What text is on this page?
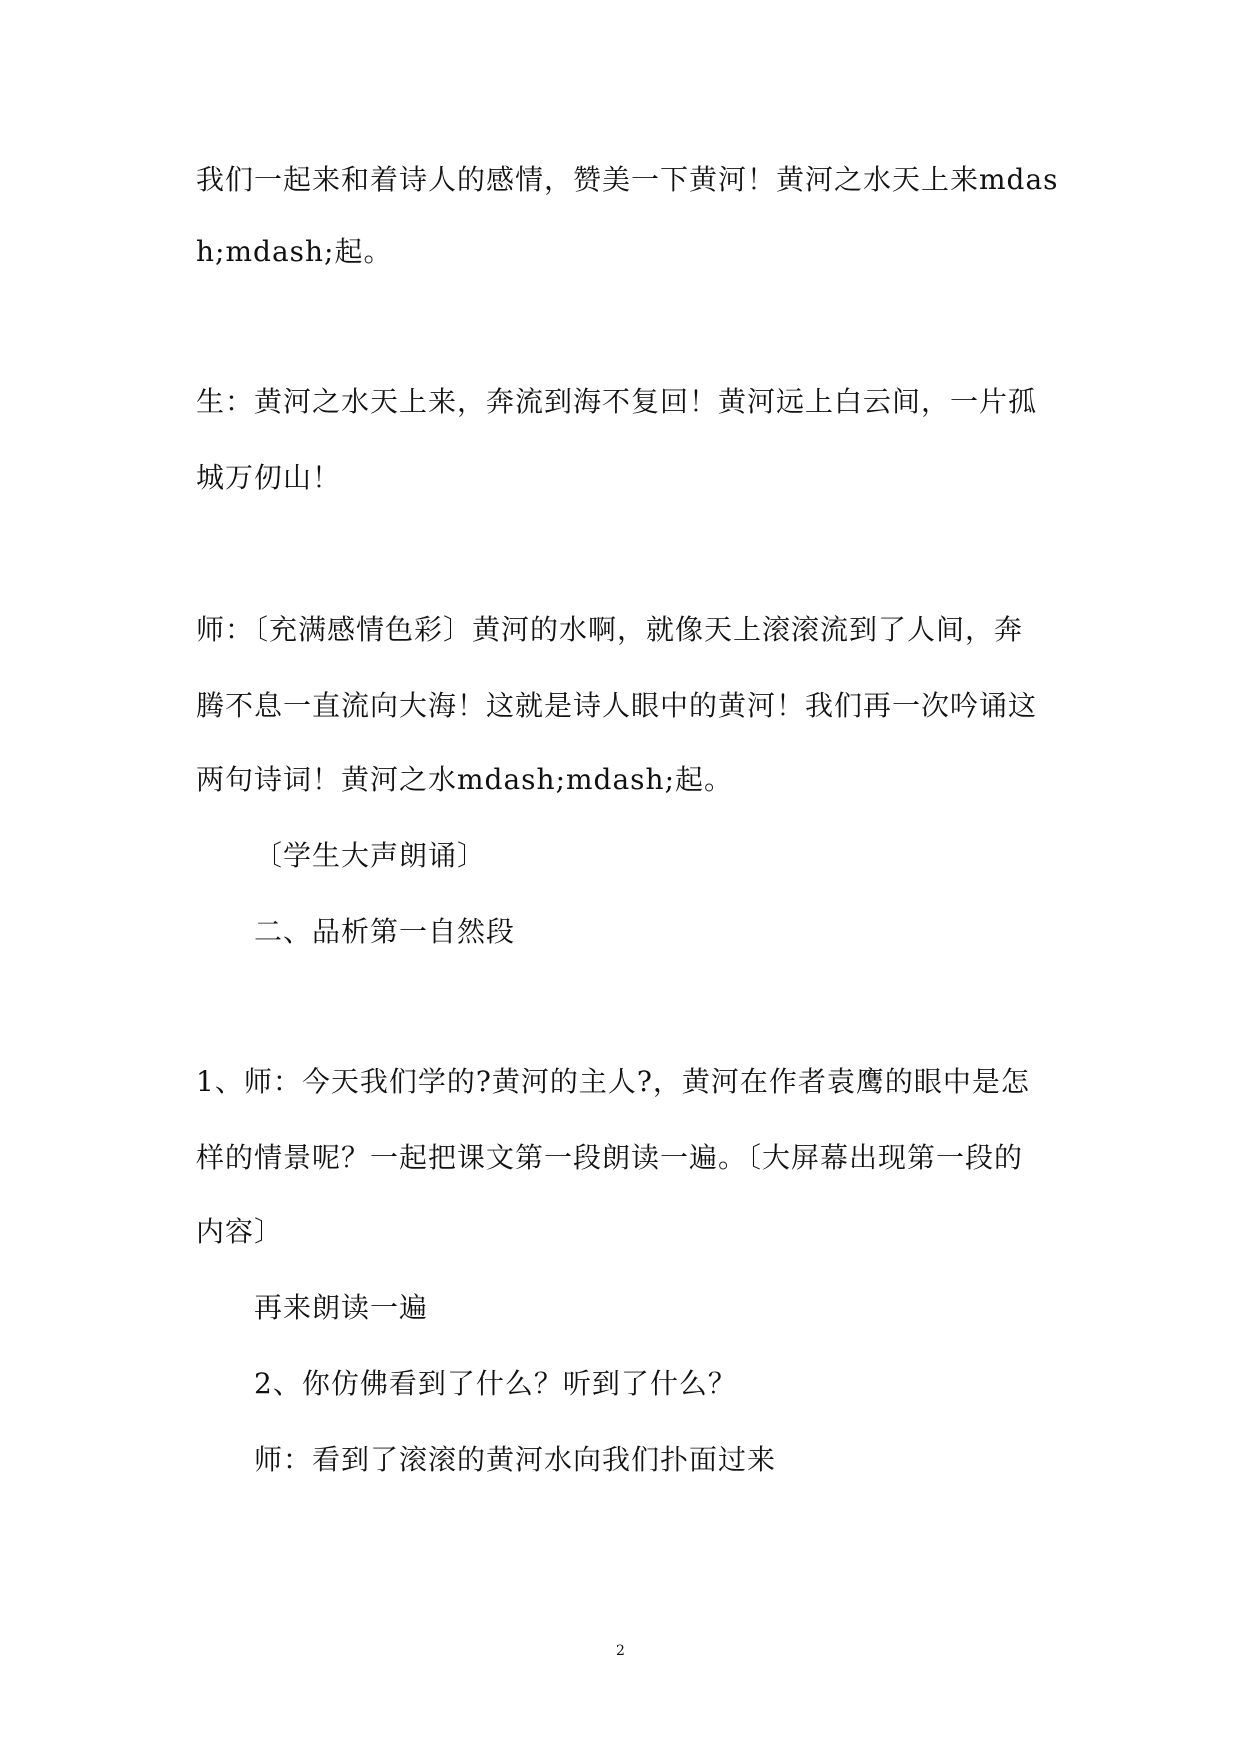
我们一起来和着诗人的感情，赞美一下黄河！黄河之水天上来mdas
h;mdash;起。
生：黄河之水天上来，奔流到海不复回！黄河远上白云间，一片孤
城万仞山！
师：〔充满感情色彩〕黄河的水啊，就像天上滚滚流到了人间，奔
腾不息一直流向大海！这就是诗人眼中的黄河！我们再一次吟诵这
两句诗词！黄河之水mdash;mdash;起。
〔学生大声朗诵〕
二、品析第一自然段
1、师：今天我们学的?黄河的主人?，黄河在作者袁鹰的眼中是怎
样的情景呢？一起把课文第一段朗读一遍。〔大屏幕出现第一段的
内容〕
再来朗读一遍
2、你仿佛看到了什么？听到了什么？
师：看到了滚滚的黄河水向我们扑面过来
2
